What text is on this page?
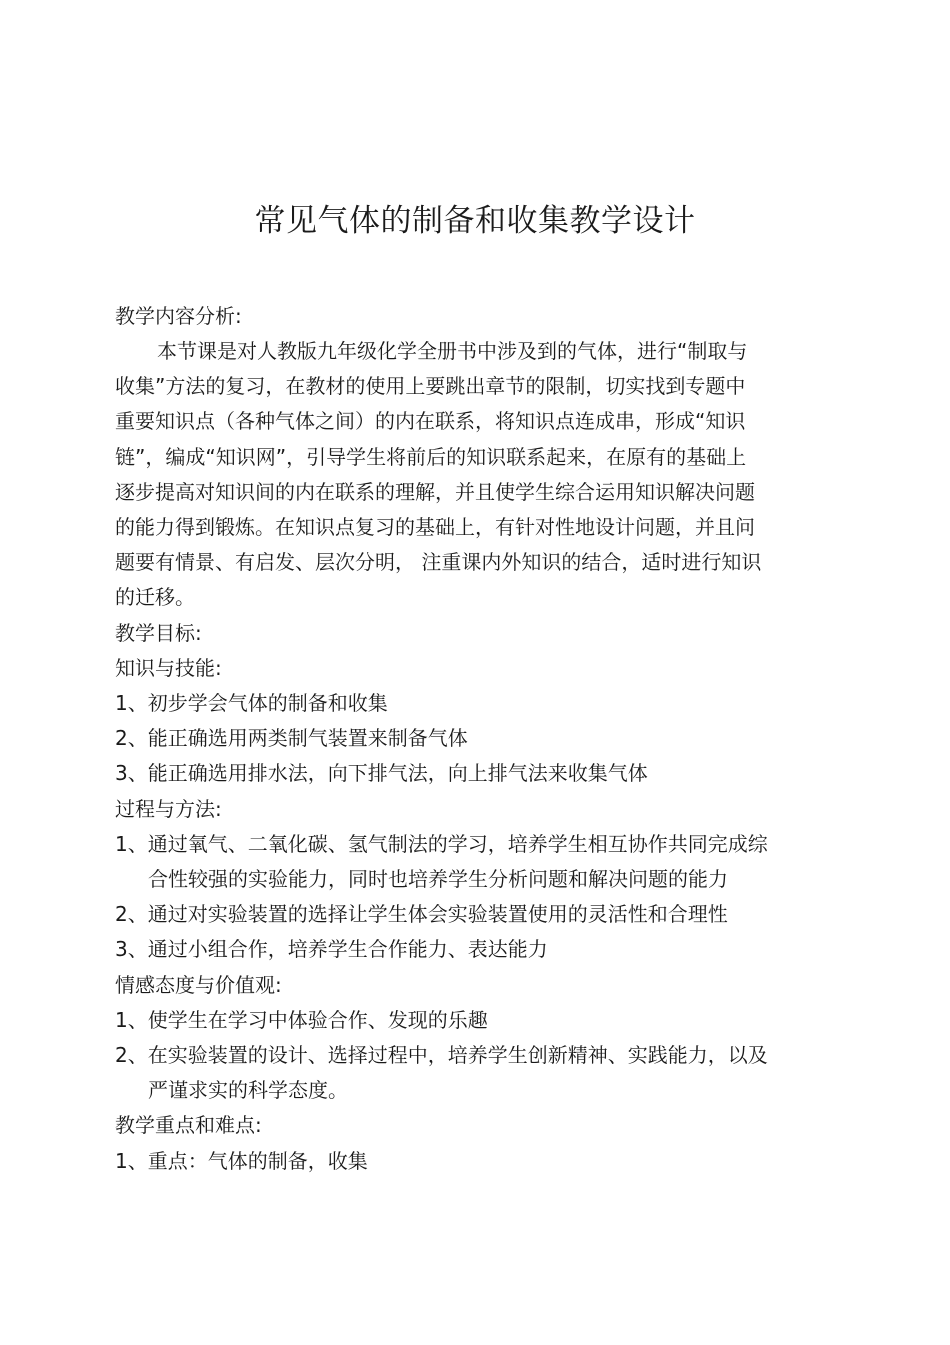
常见气体的制备和收集教学设计
教学内容分析:
本节课是对人教版九年级化学全册书中涉及到的气体，进行“制取与
收集”方法的复习，在教材的使用上要跳出章节的限制，切实找到专题中
重要知识点（各种气体之间）的内在联系，将知识点连成串，形成“知识
链”，编成“知识网”，引导学生将前后的知识联系起来，在原有的基础上
逐步提高对知识间的内在联系的理解，并且使学生综合运用知识解决问题
的能力得到锻炼。在知识点复习的基础上，有针对性地设计问题，并且问
题要有情景、有启发、层次分明， 注重课内外知识的结合，适时进行知识
的迁移。
教学目标:
知识与技能:
1、初步学会气体的制备和收集
2、能正确选用两类制气装置来制备气体
3、能正确选用排水法，向下排气法，向上排气法来收集气体
过程与方法:
1、通过氧气、二氧化碳、氢气制法的学习，培养学生相互协作共同完成综
合性较强的实验能力，同时也培养学生分析问题和解决问题的能力
2、通过对实验装置的选择让学生体会实验装置使用的灵活性和合理性
3、通过小组合作，培养学生合作能力、表达能力
情感态度与价值观:
1、使学生在学习中体验合作、发现的乐趣
2、在实验装置的设计、选择过程中，培养学生创新精神、实践能力，以及
严谨求实的科学态度。
教学重点和难点:
1、重点：气体的制备，收集
